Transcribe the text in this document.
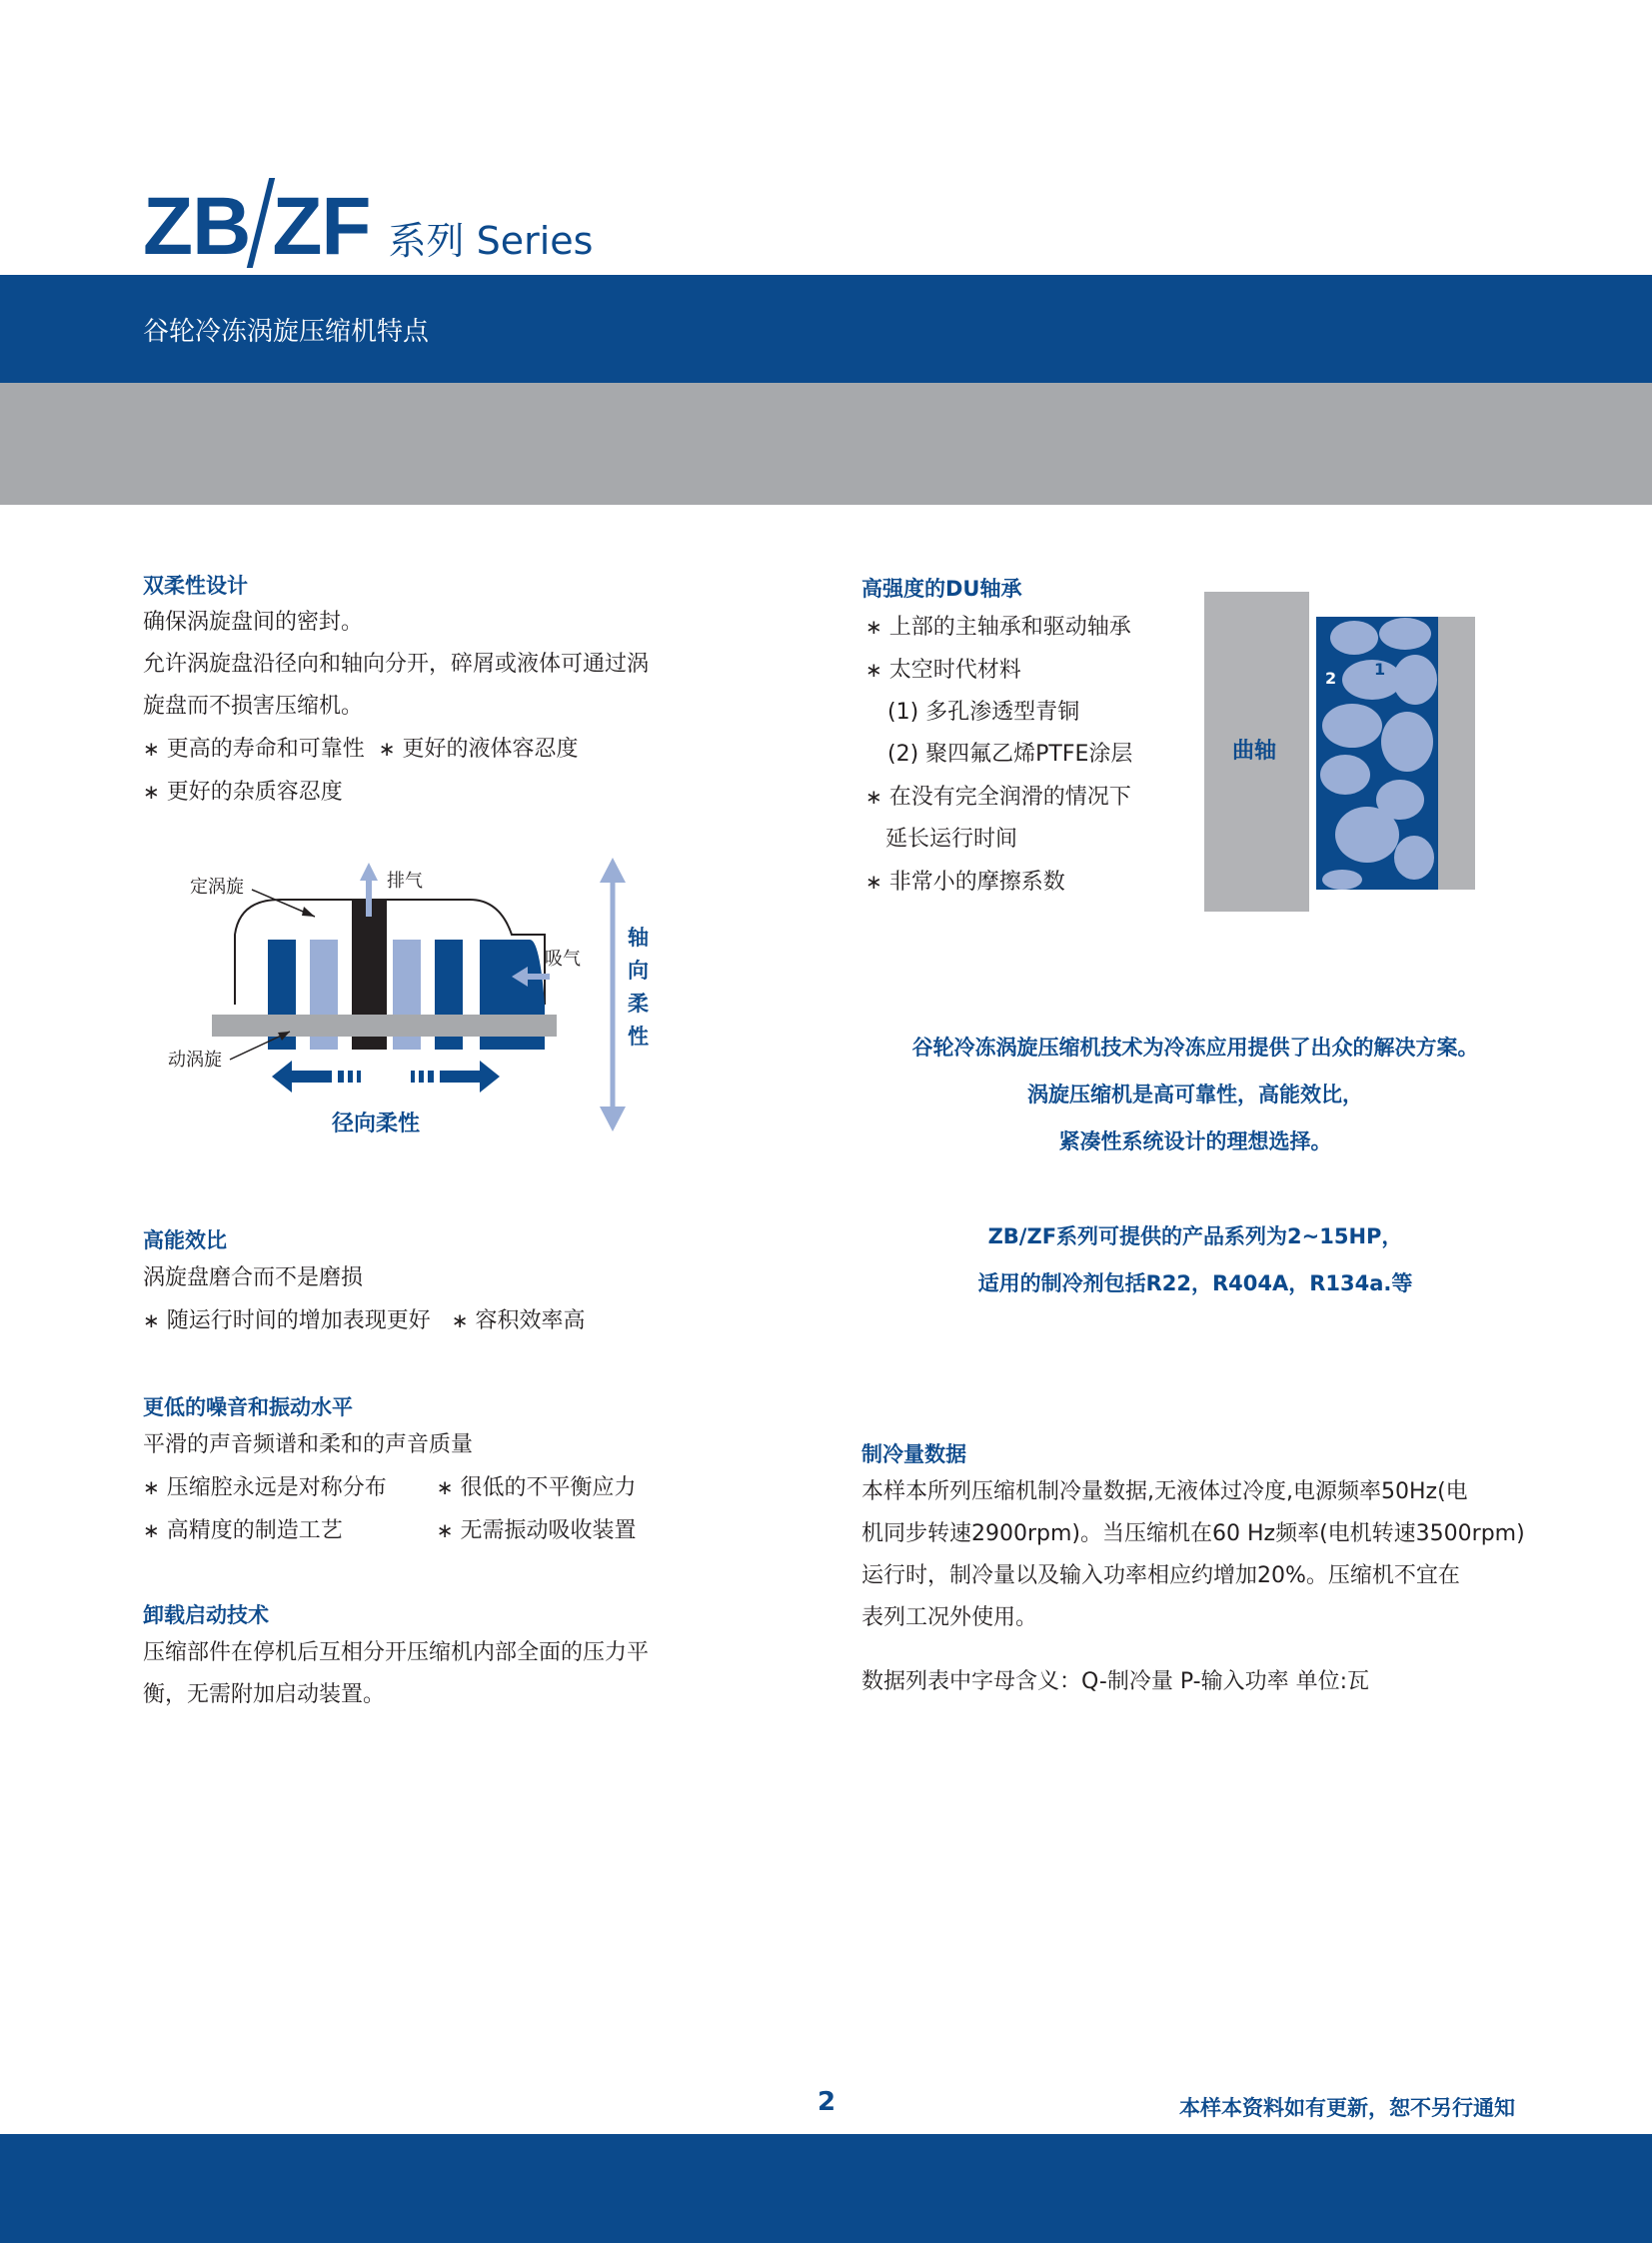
ZB ZF 系列 Series
谷轮冷冻涡旋压缩机特点
双柔性设计

确保涡旋盘间的密封。

允许涡旋盘沿径向和轴向分开，碎屑或液体可通过涡

旋盘而不损害压缩机。

∗ 更高的寿命和可靠性 ∗ 更好的液体容忍度

∗ 更好的杂质容忍度

定涡旋	排气
吸气
动涡旋
径向柔性
轴
向
柔
性
高能效比

涡旋盘磨合而不是磨损

∗ 随运行时间的增加表现更好 ∗ 容积效率高

更低的噪音和振动水平

平滑的声音频谱和柔和的声音质量

∗ 压缩腔永远是对称分布 ∗ 很低的不平衡应力

∗ 高精度的制造工艺	∗ 无需振动吸收装置

卸载启动技术

压缩部件在停机后互相分开压缩机内部全面的压力平

衡，无需附加启动装置。

高强度的DU轴承

∗ 上部的主轴承和驱动轴承

∗ 太空时代材料

(1) 多孔渗透型青铜

(2) 聚四氟乙烯PTFE涂层

∗ 在没有完全润滑的情况下

延长运行时间

∗ 非常小的摩擦系数

1
2
曲轴
谷轮冷冻涡旋压缩机技术为冷冻应用提供了出众的解决方案。
涡旋压缩机是高可靠性，高能效比，
紧凑性系统设计的理想选择。
ZB/ZF系列可提供的产品系列为2~15HP，
适用的制冷剂包括R22，R404A，R134a.等
制冷量数据

本样本所列压缩机制冷量数据,无液体过冷度,电源频率50Hz(电

机同步转速2900rpm)。当压缩机在60 Hz频率(电机转速3500rpm)

运行时，制冷量以及输入功率相应约增加20%。压缩机不宜在

表列工况外使用。

数据列表中字母含义：Q-制冷量 P-输入功率 单位:瓦
2	本样本资料如有更新，恕不另行通知
